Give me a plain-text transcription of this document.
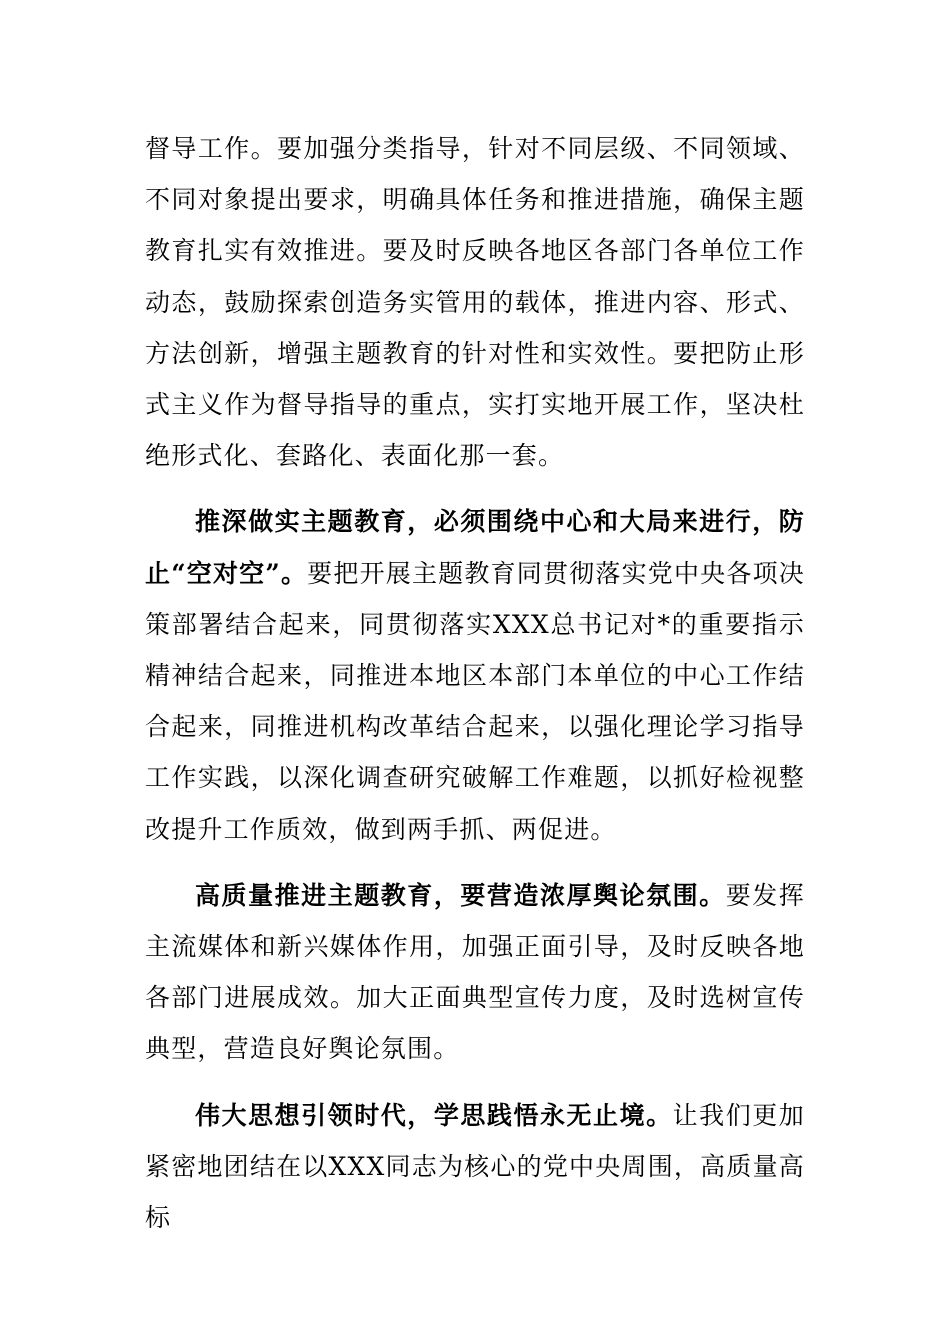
督导工作。要加强分类指导，针对不同层级、不同领域、不同对象提出要求，明确具体任务和推进措施，确保主题教育扎实有效推进。要及时反映各地区各部门各单位工作动态，鼓励探索创造务实管用的载体，推进内容、形式、方法创新，增强主题教育的针对性和实效性。要把防止形式主义作为督导指导的重点，实打实地开展工作，坚决杜绝形式化、套路化、表面化那一套。

推深做实主题教育，必须围绕中心和大局来进行，防止“空对空”。要把开展主题教育同贯彻落实党中央各项决策部署结合起来，同贯彻落实XXX总书记对*的重要指示精神结合起来，同推进本地区本部门本单位的中心工作结合起来，同推进机构改革结合起来，以强化理论学习指导工作实践，以深化调查研究破解工作难题，以抓好检视整改提升工作质效，做到两手抓、两促进。

高质量推进主题教育，要营造浓厚舆论氛围。要发挥主流媒体和新兴媒体作用，加强正面引导，及时反映各地各部门进展成效。加大正面典型宣传力度，及时选树宣传典型，营造良好舆论氛围。

伟大思想引领时代，学思践悟永无止境。让我们更加紧密地团结在以XXX同志为核心的党中央周围，高质量高标
